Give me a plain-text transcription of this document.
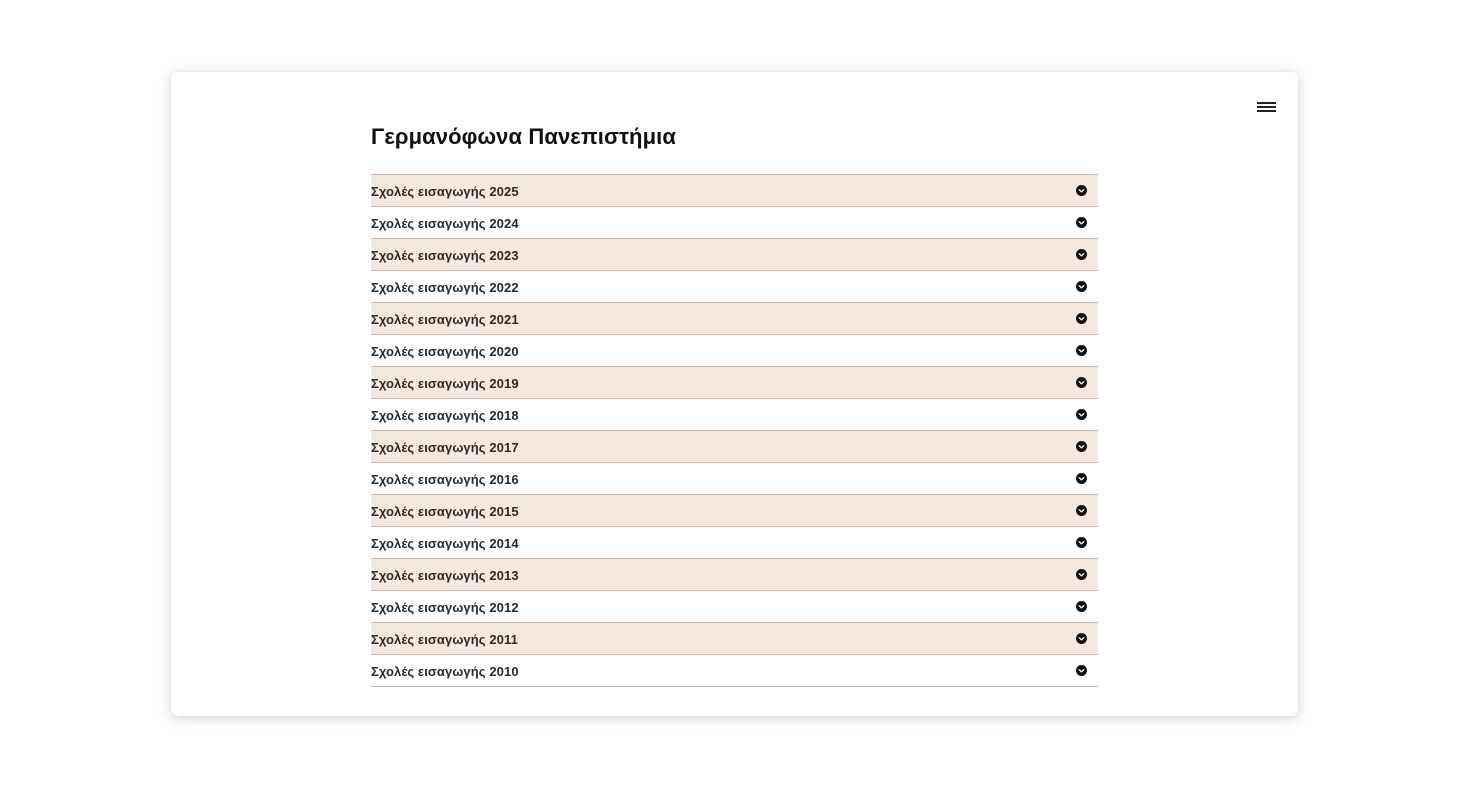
Γερμανόφωνα Πανεπιστήμια
Σχολές εισαγωγής 2025
Σχολές εισαγωγής 2024
Σχολές εισαγωγής 2023
Σχολές εισαγωγής 2022
Σχολές εισαγωγής 2021
Σχολές εισαγωγής 2020
Σχολές εισαγωγής 2019
Σχολές εισαγωγής 2018
Σχολές εισαγωγής 2017
Σχολές εισαγωγής 2016
Σχολές εισαγωγής 2015
Σχολές εισαγωγής 2014
Σχολές εισαγωγής 2013
Σχολές εισαγωγής 2012
Σχολές εισαγωγής 2011
Σχολές εισαγωγής 2010
